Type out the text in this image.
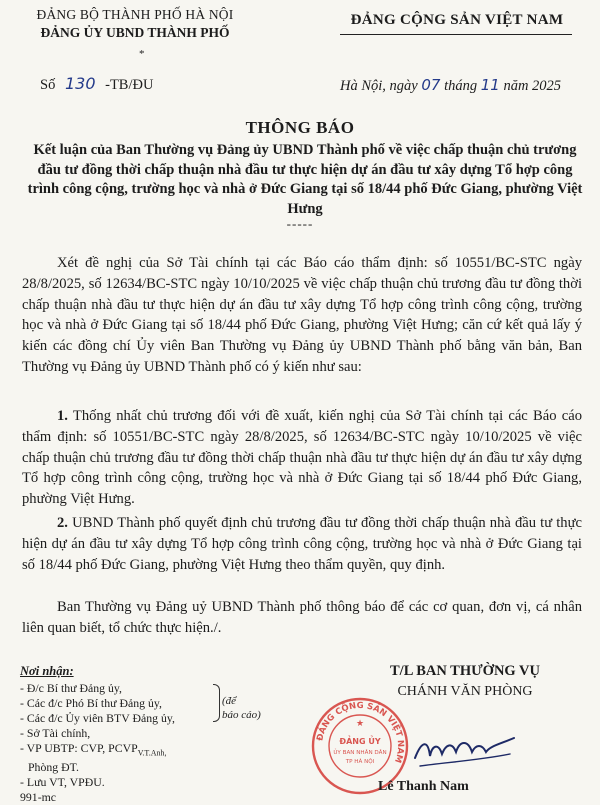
ĐẢNG BỘ THÀNH PHỐ HÀ NỘI
ĐẢNG ỦY UBND THÀNH PHỐ
*
ĐẢNG CỘNG SẢN VIỆT NAM
Số 130 -TB/ĐU	Hà Nội, ngày 07 tháng 11 năm 2025
THÔNG BÁO
Kết luận của Ban Thường vụ Đảng ủy UBND Thành phố về việc chấp thuận chủ trương đầu tư đồng thời chấp thuận nhà đầu tư thực hiện dự án đầu tư xây dựng Tổ hợp công trình công cộng, trường học và nhà ở Đức Giang tại số 18/44 phố Đức Giang, phường Việt Hưng
-----
Xét đề nghị của Sở Tài chính tại các Báo cáo thẩm định: số 10551/BC-STC ngày 28/8/2025, số 12634/BC-STC ngày 10/10/2025 về việc chấp thuận chủ trương đầu tư đồng thời chấp thuận nhà đầu tư thực hiện dự án đầu tư xây dựng Tổ hợp công trình công cộng, trường học và nhà ở Đức Giang tại số 18/44 phố Đức Giang, phường Việt Hưng; căn cứ kết quả lấy ý kiến các đồng chí Ủy viên Ban Thường vụ Đảng ủy UBND Thành phố bằng văn bản, Ban Thường vụ Đảng ủy UBND Thành phố có ý kiến như sau:
1. Thống nhất chủ trương đối với đề xuất, kiến nghị của Sở Tài chính tại các Báo cáo thẩm định: số 10551/BC-STC ngày 28/8/2025, số 12634/BC-STC ngày 10/10/2025 về việc chấp thuận chủ trương đầu tư đồng thời chấp thuận nhà đầu tư thực hiện dự án đầu tư xây dựng Tổ hợp công trình công cộng, trường học và nhà ở Đức Giang tại số 18/44 phố Đức Giang, phường Việt Hưng.
2. UBND Thành phố quyết định chủ trương đầu tư đồng thời chấp thuận nhà đầu tư thực hiện dự án đầu tư xây dựng Tổ hợp công trình công cộng, trường học và nhà ở Đức Giang tại số 18/44 phố Đức Giang, phường Việt Hưng theo thẩm quyền, quy định.
Ban Thường vụ Đảng uỷ UBND Thành phố thông báo để các cơ quan, đơn vị, cá nhân liên quan biết, tổ chức thực hiện./.
Nơi nhận:
- Đ/c Bí thư Đảng ủy,
- Các đ/c Phó Bí thư Đảng ủy,
- Các đ/c Ủy viên BTV Đảng ủy,
- Sở Tài chính,
- VP UBTP: CVP, $PCVP_{V.T.Anh,}$
Phòng ĐT.
- Lưu VT, VPĐU.
991-mc
(để
báo cáo)
T/L BAN THƯỜNG VỤ
CHÁNH VĂN PHÒNG
ĐẢNG CỘNG SẢN VIỆT NAM
★
ĐẢNG ỦY
ỦY BAN NHÂN DÂN
TP HÀ NỘI
Lê Thanh Nam
